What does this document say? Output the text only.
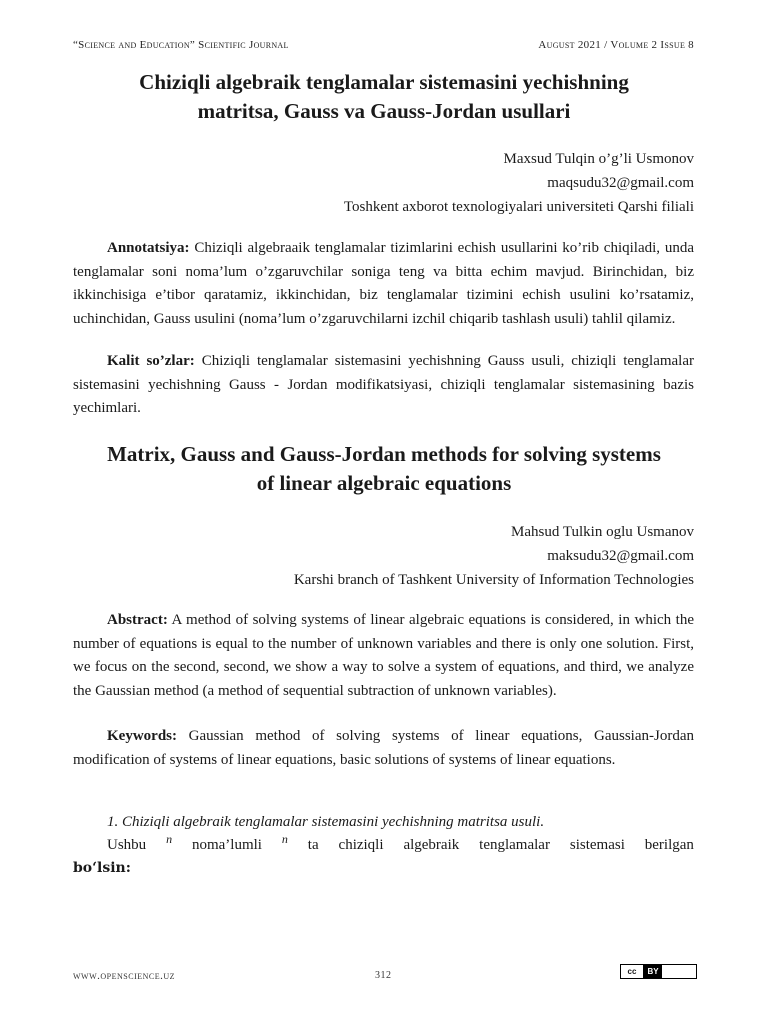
“Science and Education” Scientific Journal	August 2021 / Volume 2 Issue 8
Chiziqli algebraik tenglamalar sistemasini yechishning
matritsa, Gauss va Gauss-Jordan usullari
Maxsud Tulqin o’g’li Usmonov
maqsudu32@gmail.com
Toshkent axborot texnologiyalari universiteti Qarshi filiali

Annotatsiya: Chiziqli algebraaik tenglamalar tizimlarini echish usullarini ko’rib chiqiladi, unda tenglamalar soni noma’lum o’zgaruvchilar soniga teng va bitta echim mavjud. Birinchidan, biz ikkinchisiga e’tibor qaratamiz, ikkinchidan, biz tenglamalar tizimini echish usulini ko’rsatamiz, uchinchidan, Gauss usulini (noma’lum o’zgaruvchilarni izchil chiqarib tashlash usuli) tahlil qilamiz.

Kalit so’zlar: Chiziqli tenglamalar sistemasini yechishning Gauss usuli, chiziqli tenglamalar sistemasini yechishning Gauss - Jordan modifikatsiyasi, chiziqli tenglamalar sistemasining bazis yechimlari.

Matrix, Gauss and Gauss-Jordan methods for solving systems
of linear algebraic equations
Mahsud Tulkin oglu Usmanov
maksudu32@gmail.com
Karshi branch of Tashkent University of Information Technologies

Abstract: A method of solving systems of linear algebraic equations is considered, in which the number of equations is equal to the number of unknown variables and there is only one solution. First, we focus on the second, second, we show a way to solve a system of equations, and third, we analyze the Gaussian method (a method of sequential subtraction of unknown variables).

Keywords: Gaussian method of solving systems of linear equations, Gaussian-Jordan modification of systems of linear equations, basic solutions of systems of linear equations.

1. Chiziqli algebraik tenglamalar sistemasini yechishning matritsa usuli.
Ushbu n noma’lumli n ta chiziqli algebraik tenglamalar sistemasi berilgan
bo‘lsin:
www.openscience.uz	312	cc	BY
